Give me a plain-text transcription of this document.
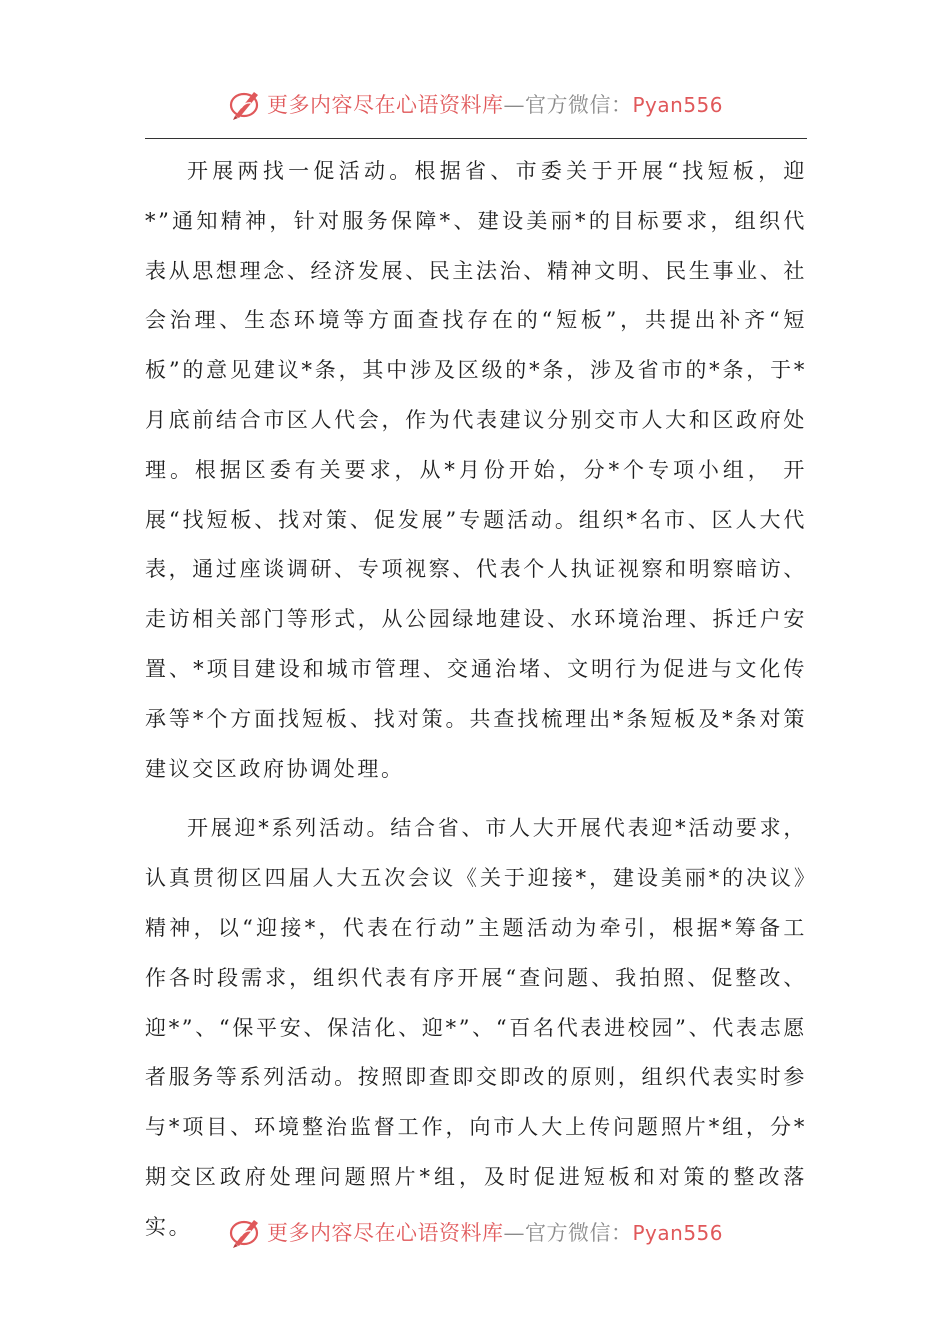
更多内容尽在心语资料库—官方微信：Pyan556

开展两找一促活动。根据省、市委关于开展“找短板，迎*”通知精神，针对服务保障*、建设美丽*的目标要求，组织代表从思想理念、经济发展、民主法治、精神文明、民生事业、社会治理、生态环境等方面查找存在的“短板”，共提出补齐“短板”的意见建议*条，其中涉及区级的*条，涉及省市的*条，于*月底前结合市区人代会，作为代表建议分别交市人大和区政府处理。根据区委有关要求，从*月份开始，分*个专项小组， 开展“找短板、找对策、促发展”专题活动。组织*名市、区人大代表，通过座谈调研、专项视察、代表个人执证视察和明察暗访、走访相关部门等形式，从公园绿地建设、水环境治理、拆迁户安置、*项目建设和城市管理、交通治堵、文明行为促进与文化传承等*个方面找短板、找对策。共查找梳理出*条短板及*条对策建议交区政府协调处理。

开展迎*系列活动。结合省、市人大开展代表迎*活动要求，认真贯彻区四届人大五次会议《关于迎接*，建设美丽*的决议》精神，以“迎接*，代表在行动”主题活动为牵引，根据*筹备工作各时段需求，组织代表有序开展“查问题、我拍照、促整改、迎*”、“保平安、保洁化、迎*”、“百名代表进校园”、代表志愿者服务等系列活动。按照即查即交即改的原则，组织代表实时参与*项目、环境整治监督工作，向市人大上传问题照片*组，分*期交区政府处理问题照片*组，及时促进短板和对策的整改落实。	更多内容尽在心语资料库—官方微信：Pyan556
